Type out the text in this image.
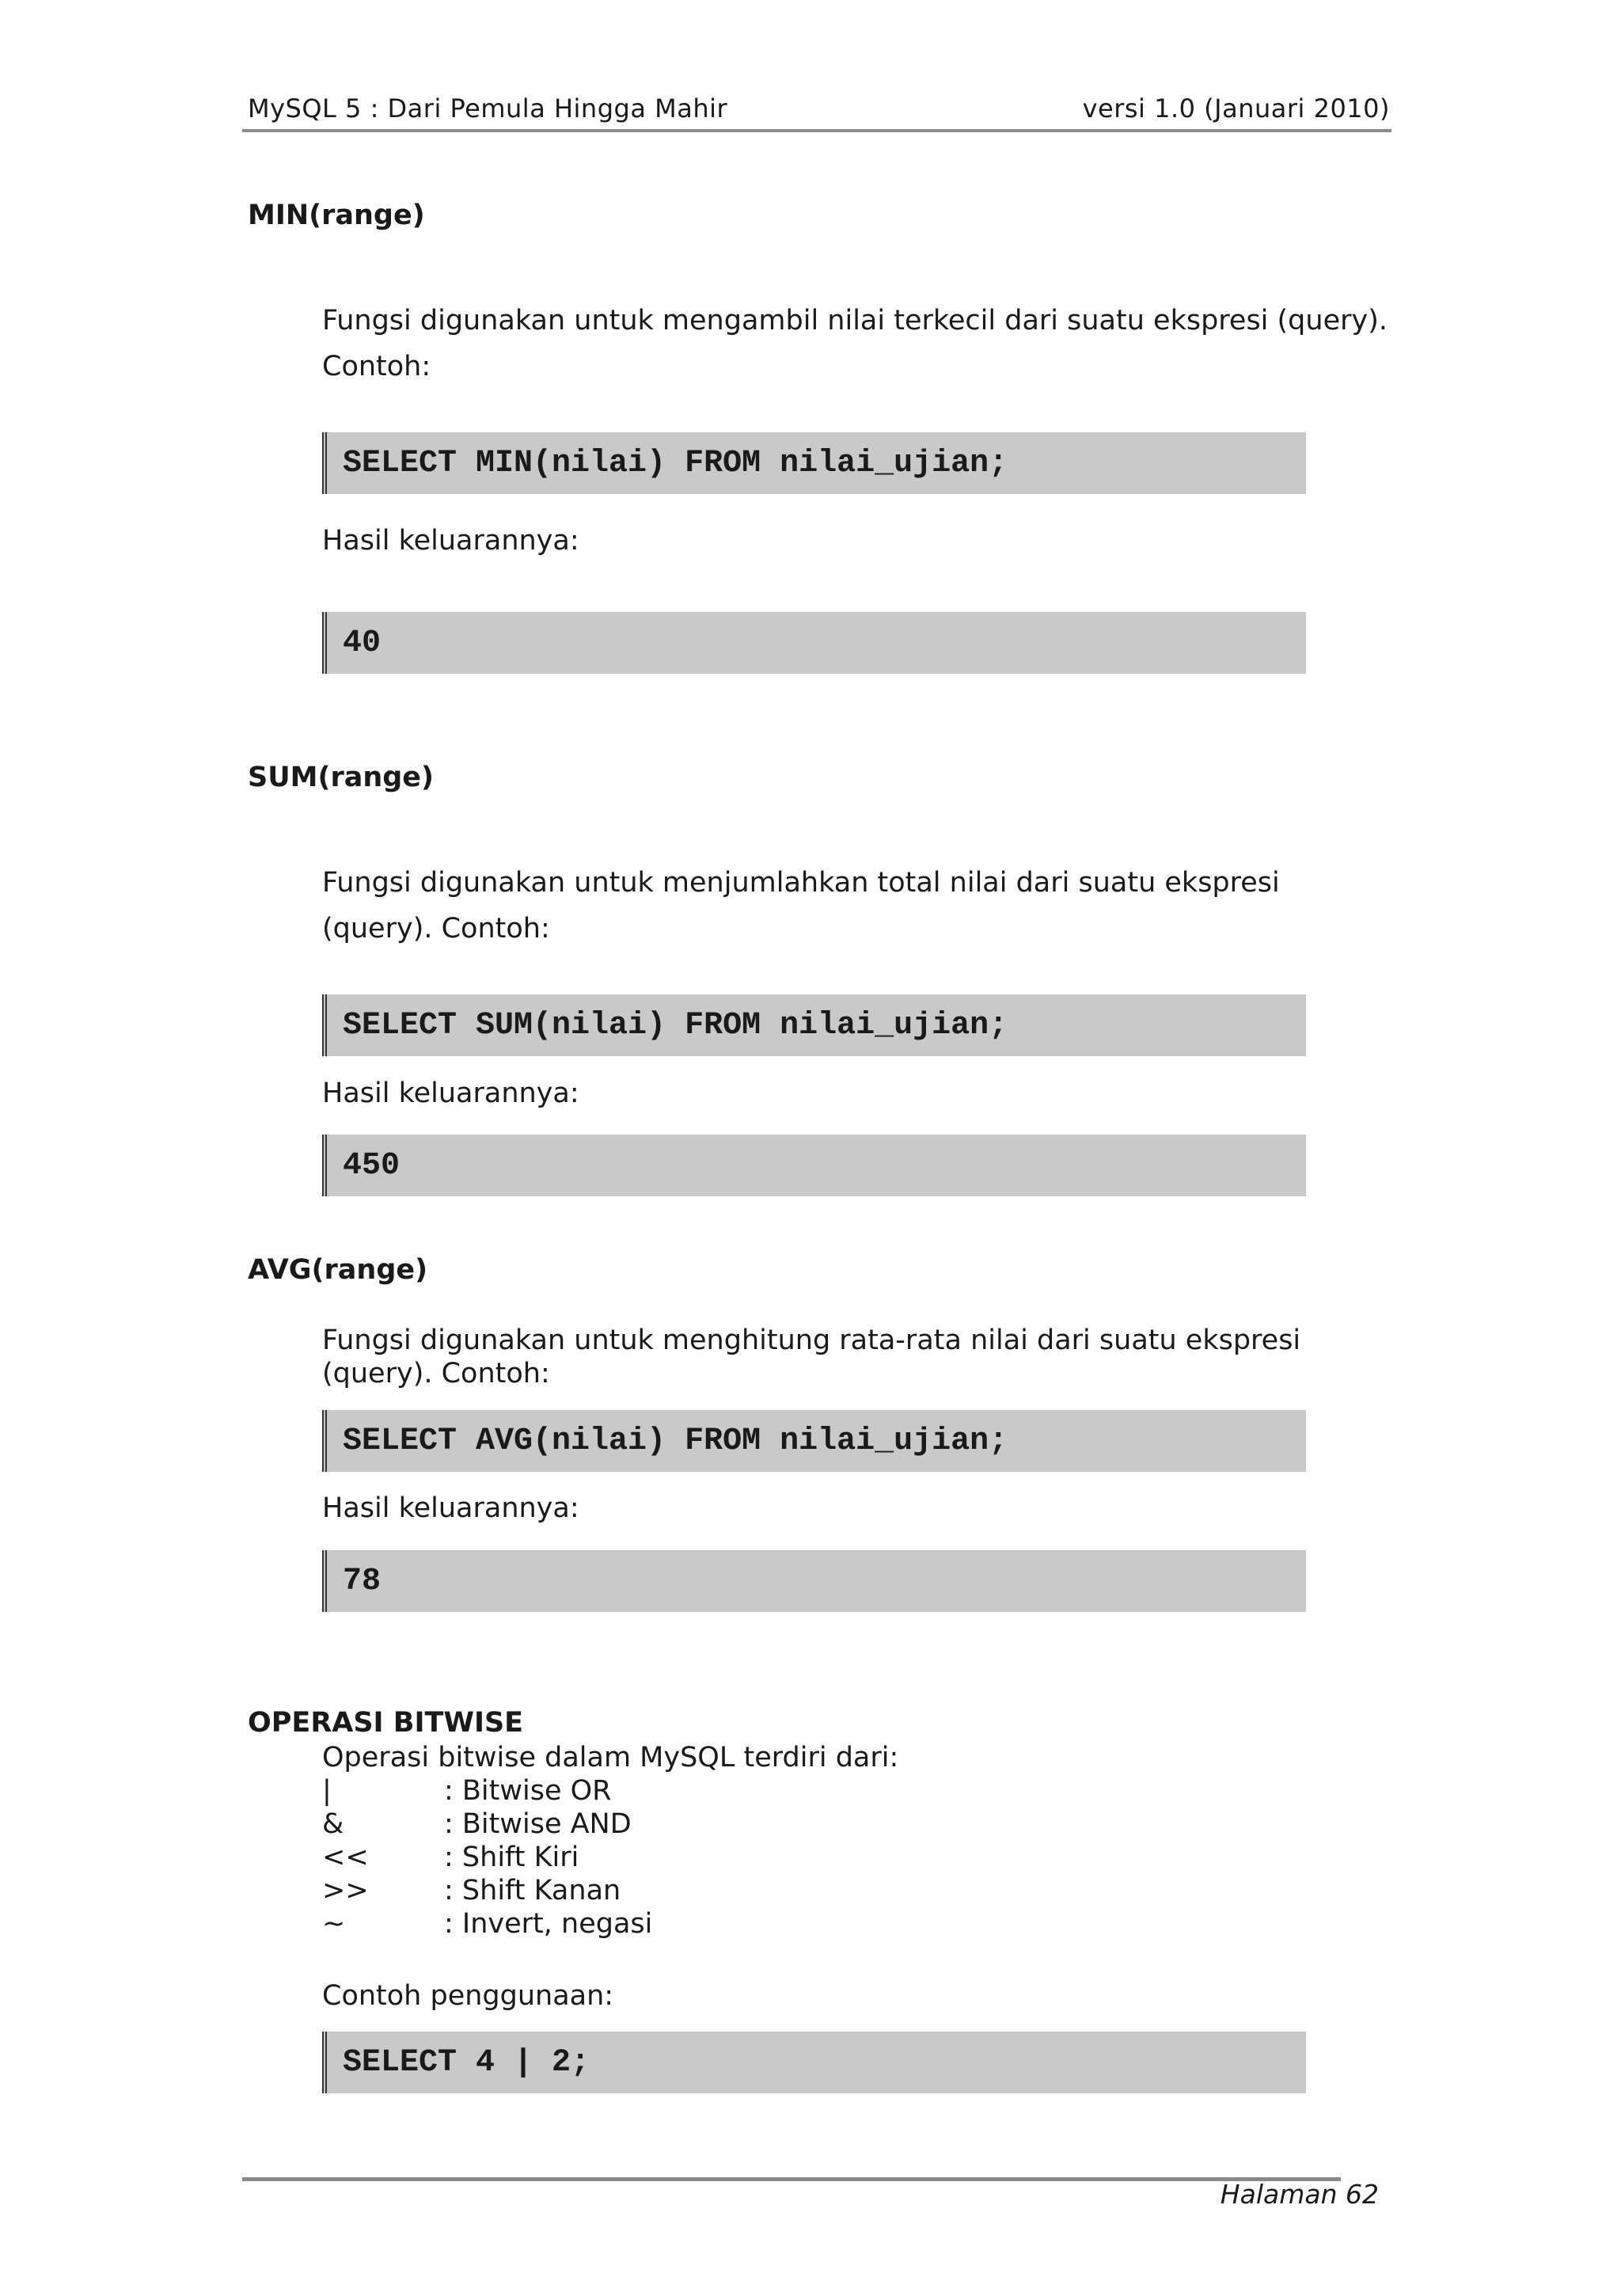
MySQL 5 : Dari Pemula Hingga Mahir	versi 1.0 (Januari 2010)
MIN(range)
Fungsi digunakan untuk mengambil nilai terkecil dari suatu ekspresi (query).
Contoh:
SELECT MIN(nilai) FROM nilai_ujian;
Hasil keluarannya:
40
SUM(range)
Fungsi digunakan untuk menjumlahkan total nilai dari suatu ekspresi
(query). Contoh:
SELECT SUM(nilai) FROM nilai_ujian;
Hasil keluarannya:
450
AVG(range)
Fungsi digunakan untuk menghitung rata-rata nilai dari suatu ekspresi
(query). Contoh:
SELECT AVG(nilai) FROM nilai_ujian;
Hasil keluarannya:
78
OPERASI BITWISE
Operasi bitwise dalam MySQL terdiri dari:
|	: Bitwise OR
&	: Bitwise AND
<<	: Shift Kiri
>>	: Shift Kanan
~	: Invert, negasi
Contoh penggunaan:
SELECT 4 | 2;
Halaman 62
